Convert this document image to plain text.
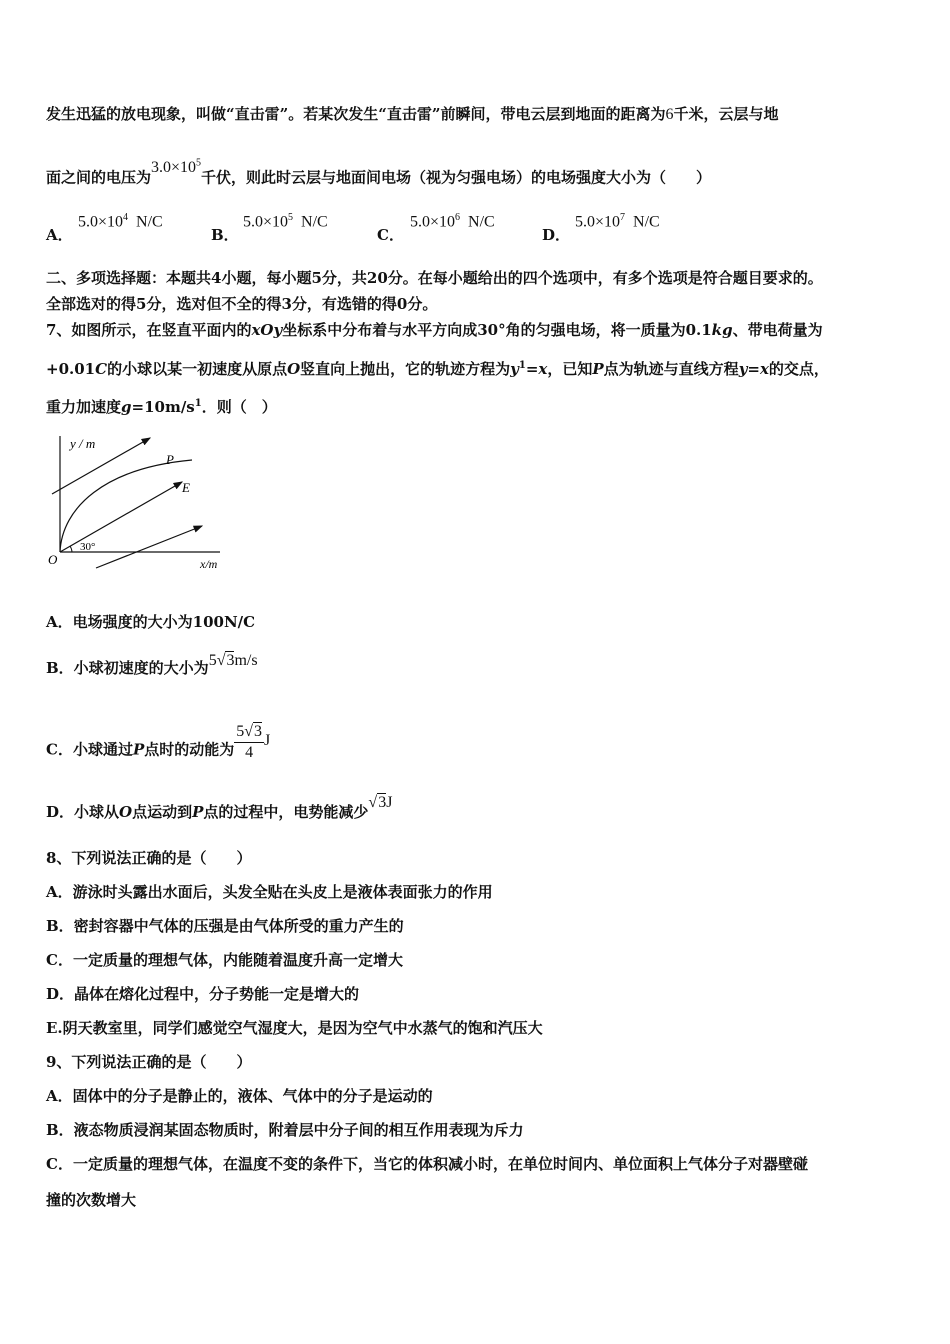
发生迅猛的放电现象，叫做“直击雷”。若某次发生“直击雷”前瞬间，带电云层到地面的距离为6千米，云层与地
面之间的电压为$3.0\times 10^5$千伏，则此时云层与地面间电场（视为匀强电场）的电场强度大小为（　　）
A．
$5.0\times 10^4$ N/C
B．
$5.0\times 10^5$ N/C
C．
$5.0\times 10^6$ N/C
D．
$5.0\times 10^7$ N/C
二、多项选择题：本题共4小题，每小题5分，共20分。在每小题给出的四个选项中，有多个选项是符合题目要求的。
全部选对的得5分，选对但不全的得3分，有选错的得0分。
7、如图所示，在竖直平面内的xOy坐标系中分布着与水平方向成30°角的匀强电场，将一质量为0.1kg、带电荷量为
+0.01C的小球以某一初速度从原点O竖直向上抛出，它的轨迹方程为$y^1=x$，已知P点为轨迹与直线方程y=x的交点，
重力加速度$g=10m/s^1$．则（　）
y / m
x/m
O
30°
P
E
A．电场强度的大小为100N/C
B．小球初速度的大小为5√3m/s
C．小球通过P点时的动能为 $\frac{5√3}{4}$ J
D．小球从O点运动到P点的过程中，电势能减少√3J
8、下列说法正确的是（　　）
A．游泳时头露出水面后，头发全贴在头皮上是液体表面张力的作用
B．密封容器中气体的压强是由气体所受的重力产生的
C．一定质量的理想气体，内能随着温度升高一定增大
D．晶体在熔化过程中，分子势能一定是增大的
E.阴天教室里，同学们感觉空气湿度大，是因为空气中水蒸气的饱和汽压大
9、下列说法正确的是（　　）
A．固体中的分子是静止的，液体、气体中的分子是运动的
B．液态物质浸润某固态物质时，附着层中分子间的相互作用表现为斥力
C．一定质量的理想气体，在温度不变的条件下，当它的体积减小时，在单位时间内、单位面积上气体分子对器壁碰
撞的次数增大
